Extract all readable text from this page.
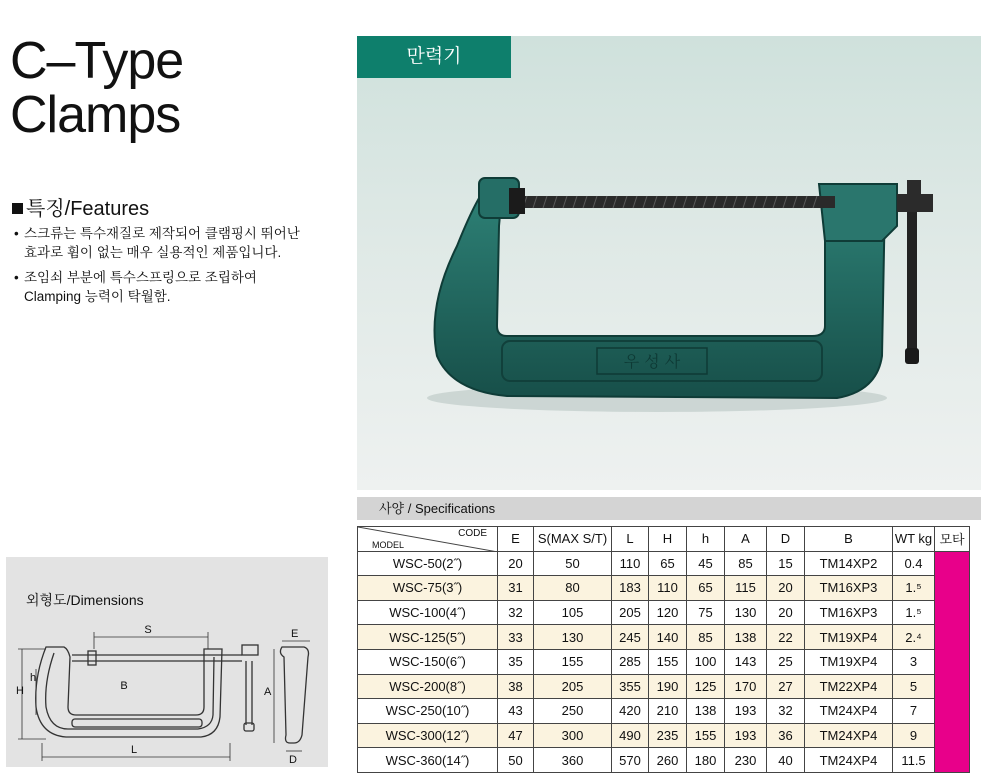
C–Type
Clamps
특징/Features
• 스크류는 특수재질로 제작되어 클램핑시 뛰어난 효과로 휨이 없는 매우 실용적인 제품입니다.
• 조임쇠 부분에 특수스프링으로 조립하여 Clamping 능력이 탁월함.
우 성 사
만력기
외형도/Dimensions
S
B
h
H
L
E
A
D
사양 / Specifications
CODE
MODEL	E	S(MAX S/T)	L	H	h	A	D	B	WT kg	모타
WSC-50(2˝)	20	50	110	65	45	85	15	TM14XP2	0.4	
WSC-75(3˝)	31	80	183	110	65	115	20	TM16XP3	1.⁵	
WSC-100(4˝)	32	105	205	120	75	130	20	TM16XP3	1.⁵	
WSC-125(5˝)	33	130	245	140	85	138	22	TM19XP4	2.⁴	
WSC-150(6˝)	35	155	285	155	100	143	25	TM19XP4	3	
WSC-200(8˝)	38	205	355	190	125	170	27	TM22XP4	5	
WSC-250(10˝)	43	250	420	210	138	193	32	TM24XP4	7	
WSC-300(12˝)	47	300	490	235	155	193	36	TM24XP4	9	
WSC-360(14˝)	50	360	570	260	180	230	40	TM24XP4	11.5	
